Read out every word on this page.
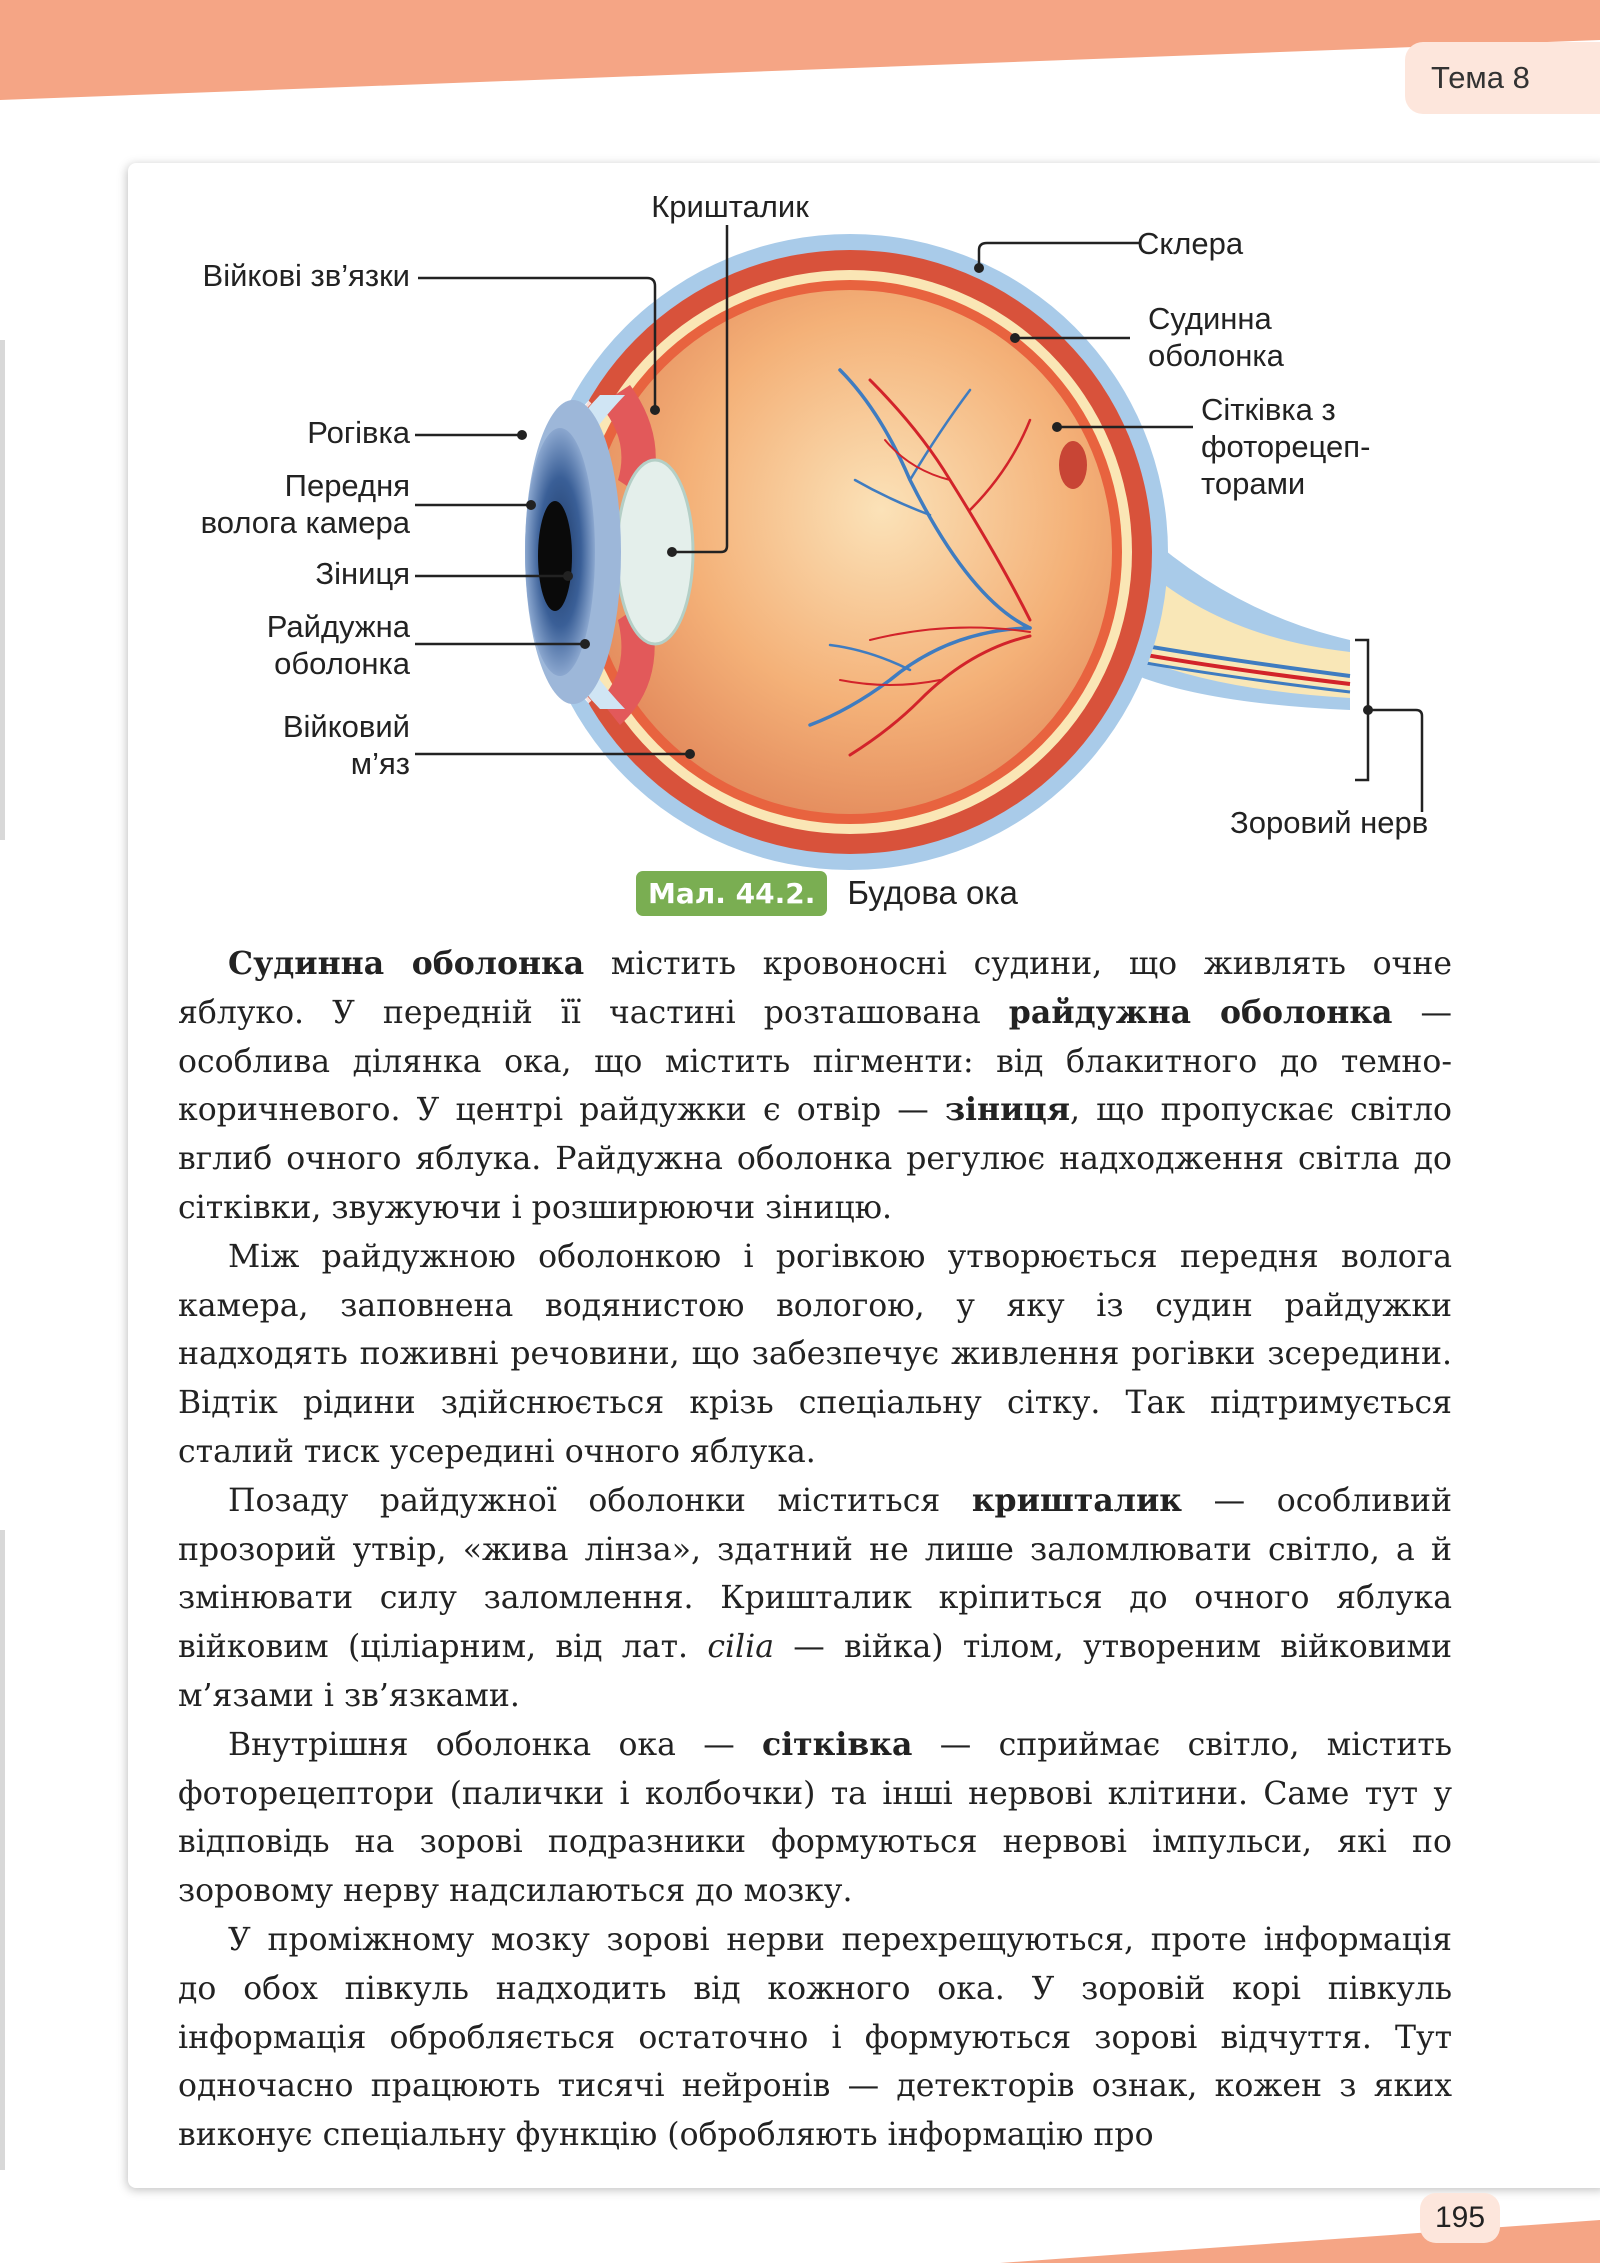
Тема 8
Кришталик
Війкові зв’язки
Склера
Судинна
оболонка
Сітківка з
фоторецеп-
торами
Рогівка
Передня
волога камера
Зіниця
Райдужна
оболонка
Війковий
м’яз
Зоровий нерв
Мал. 44.2. Будова ока

Судинна оболонка містить кровоносні судини, що живлять очне яблуко. У передній її частині розташована райдужна оболонка — особлива ділянка ока, що містить пігменти: від блакитного до темно-коричневого. У центрі райдужки є отвір — зіниця, що пропускає світло вглиб очного яблука. Райдужна оболонка регулює надходження світла до сітківки, звужуючи і розширюючи зіницю.

Між райдужною оболонкою і рогівкою утворюється передня волога камера, заповнена водянистою вологою, у яку із судин райдужки надходять поживні речовини, що забезпечує живлення рогівки зсередини. Відтік рідини здійснюється крізь спеціальну сітку. Так підтримується сталий тиск усередині очного яблука.

Позаду райдужної оболонки міститься кришталик — особливий прозорий утвір, «жива лінза», здатний не лише заломлювати світло, а й змінювати силу заломлення. Кришталик кріпиться до очного яблука війковим (ціліарним, від лат. cilia — війка) тілом, утвореним війковими м’язами і зв’язками.

Внутрішня оболонка ока — сітківка — сприймає світло, містить фоторецептори (палички і колбочки) та інші нервові клітини. Саме тут у відповідь на зорові подразники формуються нервові імпульси, які по зоровому нерву надсилаються до мозку.

У проміжному мозку зорові нерви перехрещуються, проте інформація до обох півкуль надходить від кожного ока. У зоровій корі півкуль інформація обробляється остаточно і формуються зорові відчуття. Тут одночасно працюють тисячі нейронів — детекторів ознак, кожен з яких виконує спеціальну функцію (обробляють інформацію про

195
